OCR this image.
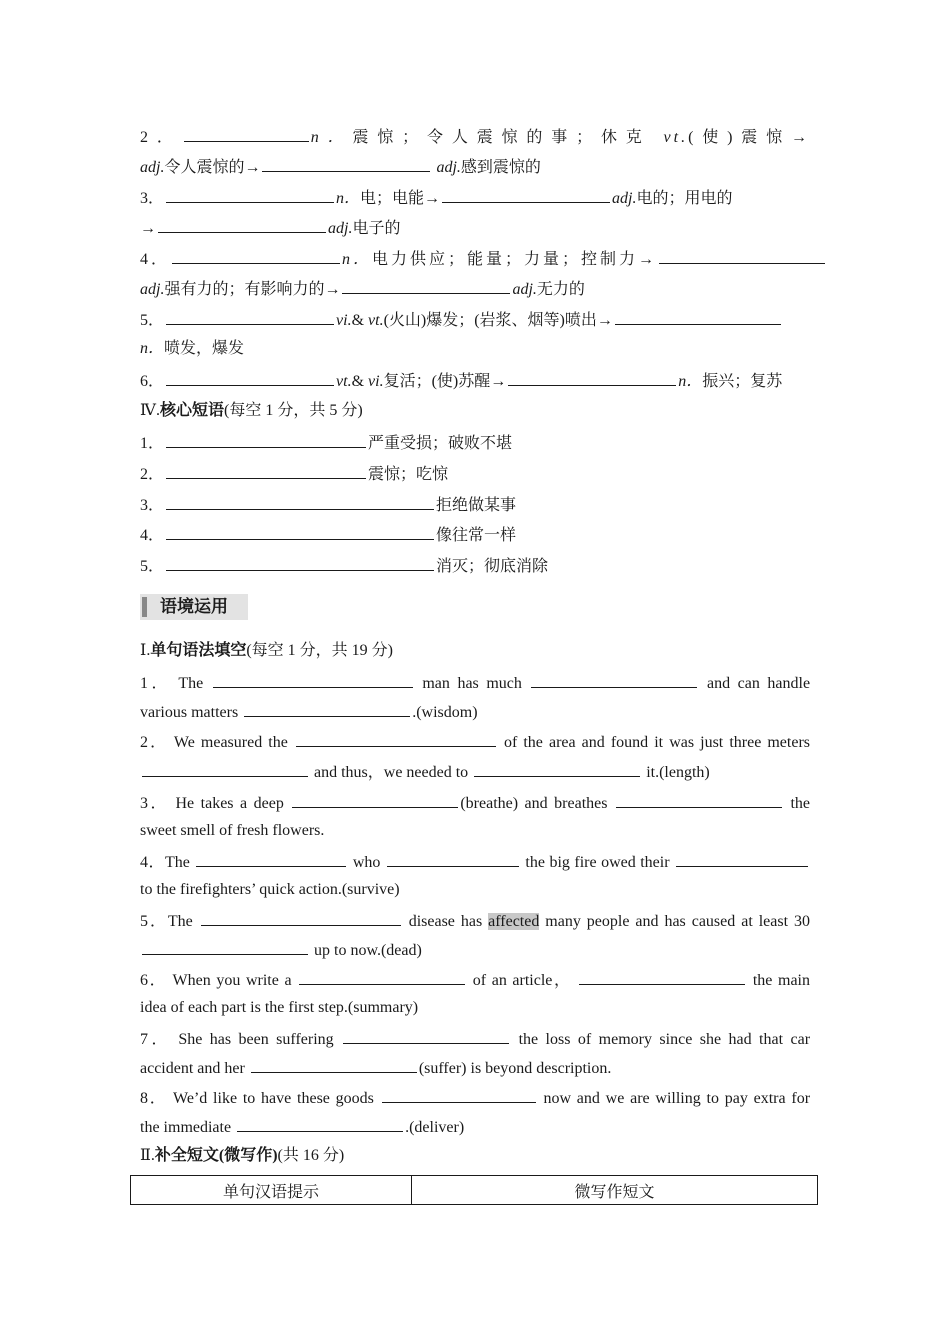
2．	n．震惊；令人震惊的事；休克 vt.(使)震惊→
adj.令人震惊的→	adj.感到震惊的
3．	n．电；电能→	adj.电的；用电的
→	adj.电子的
4．	n．电力供应；能量；力量；控制力→
adj.强有力的；有影响力的→	adj.无力的
5．	vi.& vt.(火山)爆发；(岩浆、烟等)喷出→
n．喷发，爆发
6．	vt.& vi.复活；(使)苏醒→	n．振兴；复苏
Ⅳ.核心短语(每空 1 分，共 5 分)
1．	严重受损；破败不堪
2．	震惊；吃惊
3．	拒绝做某事
4．	像往常一样
5．	消灭；彻底消除
语境运用
Ⅰ.单句语法填空(每空 1 分，共 19 分)
1． The	man has much	and can handle
various matters	.(wisdom)
2． We measured the	of the area and found it was just three meters
and thus，we needed to	it.(length)
3． He takes a deep	(breathe) and breathes	the
sweet smell of fresh flowers.
4．The	who	the big fire owed their
to the firefighters’ quick action.(survive)
5．The	disease has affected many people and has caused at least 30
up to now.(dead)
6． When you write a	of an article，	the main
idea of each part is the first step.(summary)
7． She has been suffering	the loss of memory since she had that car
accident and her	(suffer) is beyond description.
8． We’d like to have these goods	now and we are willing to pay extra for
the immediate	.(deliver)
Ⅱ.补全短文(微写作)(共 16 分)
单句汉语提示	微写作短文
